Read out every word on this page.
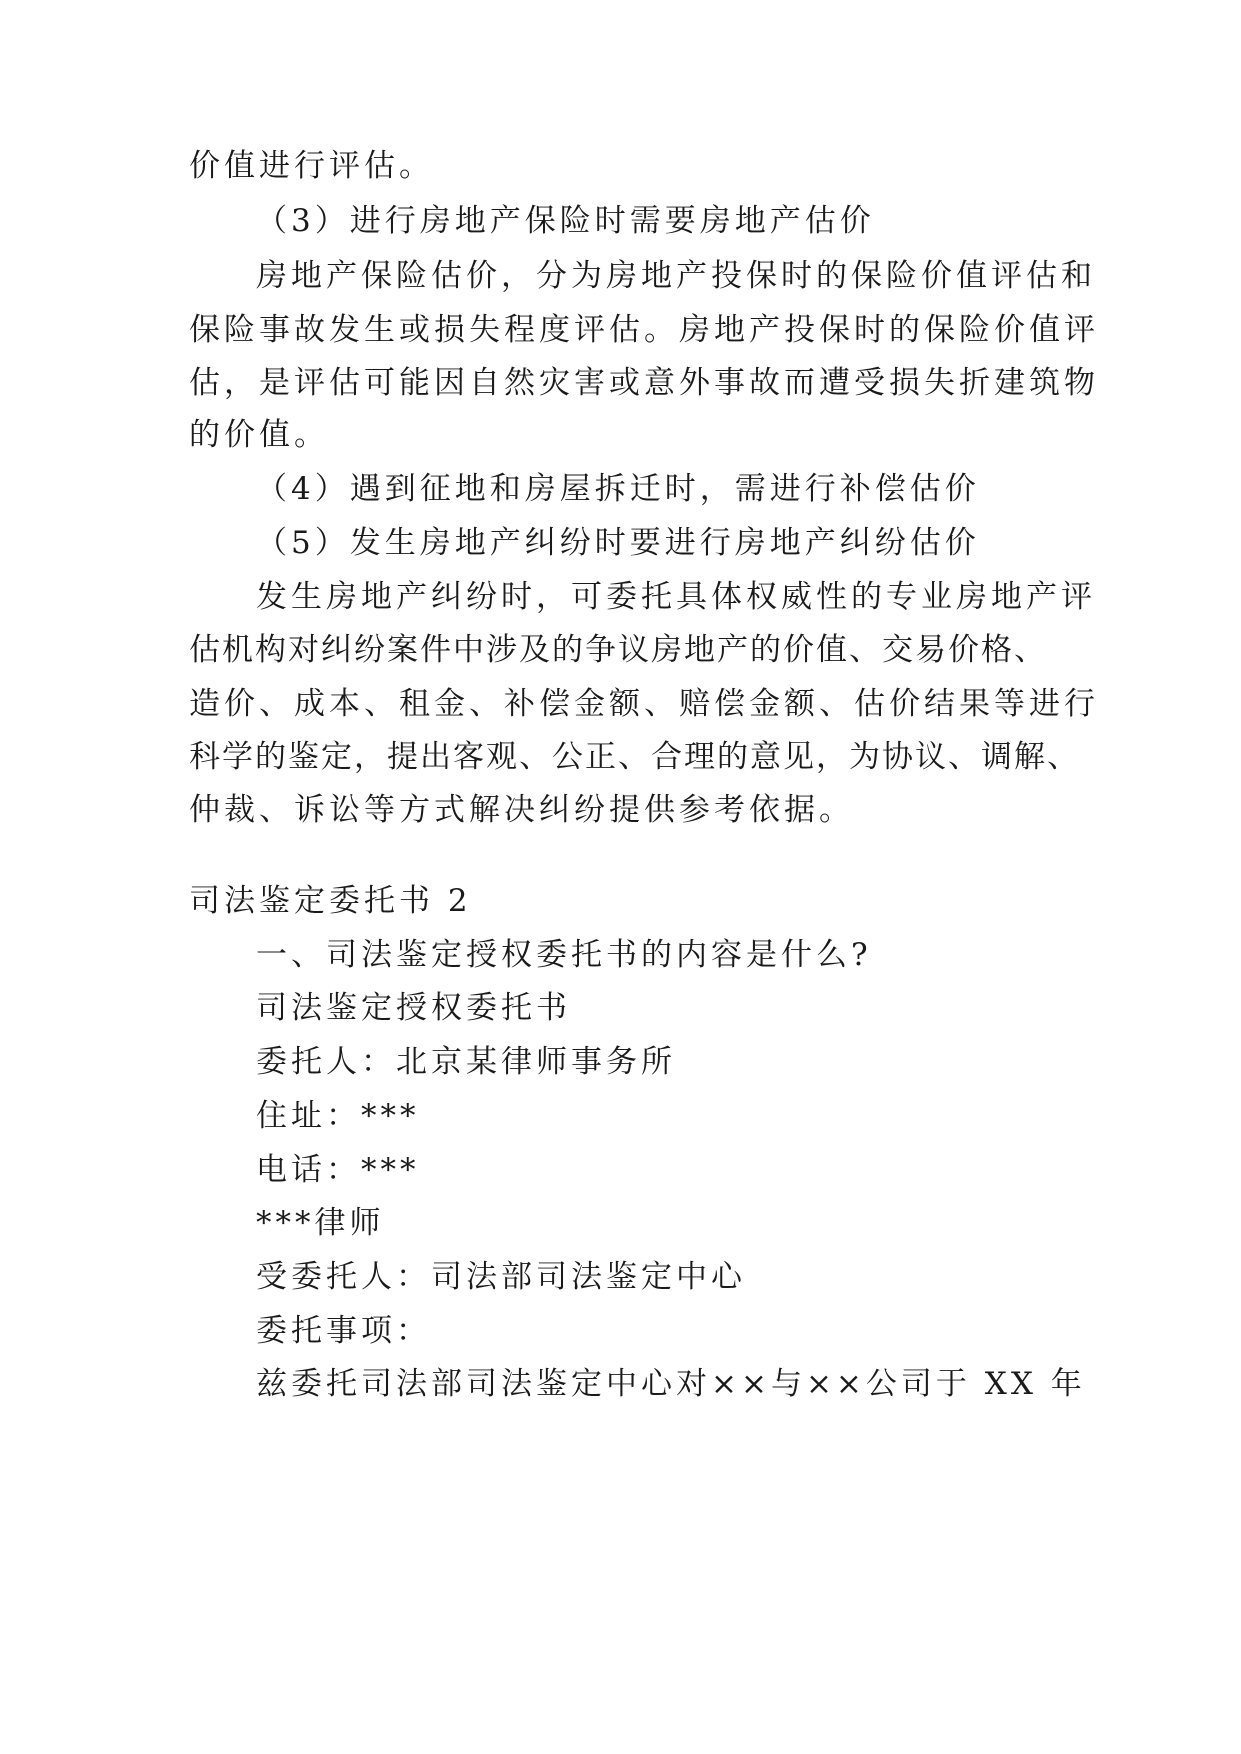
价值进行评估。
（3）进行房地产保险时需要房地产估价
房地产保险估价，分为房地产投保时的保险价值评估和
保险事故发生或损失程度评估。房地产投保时的保险价值评
估，是评估可能因自然灾害或意外事故而遭受损失折建筑物
的价值。
（4）遇到征地和房屋拆迁时，需进行补偿估价
（5）发生房地产纠纷时要进行房地产纠纷估价
发生房地产纠纷时，可委托具体权威性的专业房地产评
估机构对纠纷案件中涉及的争议房地产的价值、交易价格、
造价、成本、租金、补偿金额、赔偿金额、估价结果等进行
科学的鉴定，提出客观、公正、合理的意见，为协议、调解、
仲裁、诉讼等方式解决纠纷提供参考依据。
司法鉴定委托书 2
一、司法鉴定授权委托书的内容是什么?
司法鉴定授权委托书
委托人：北京某律师事务所
住址：***
电话：***
***律师
受委托人：司法部司法鉴定中心
委托事项：
兹委托司法部司法鉴定中心对××与××公司于 XX 年
